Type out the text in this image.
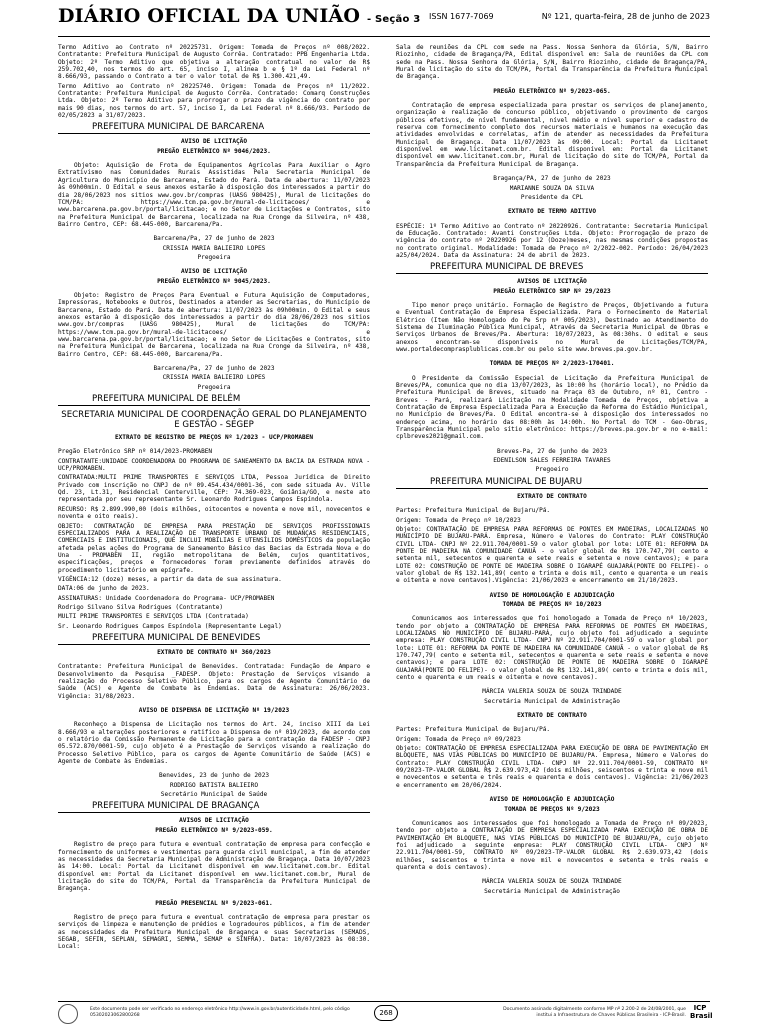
DIÁRIO OFICIAL DA UNIÃO - Seção 3 ISSN 1677-7069	Nº 121, quarta-feira, 28 de junho de 2023

Termo Aditivo ao Contrato nº 20225731. Origem: Tomada de Preços nº 008/2022. Contratante: Prefeitura Municipal de Augusto Corrêa. Contratado: PPB Engenharia Ltda. Objeto: 2º Termo Aditivo que objetiva a alteração contratual no valor de R$ 259.702,40, nos termos do art. 65, inciso I, alínea b e § 1º da Lei Federal nº 8.666/93, passando o Contrato a ter o valor total de R$ 1.300.421,49.

Termo Aditivo ao Contrato nº 20225740. Origem: Tomada de Preços nº 11/2022. Contratante: Prefeitura Municipal de Augusto Corrêa. Contratado: Comarq Construções Ltda. Objeto: 2º Termo Aditivo para prorrogar o prazo da vigência do contrato por mais 90 dias, nos termos do art. 57, inciso I, da Lei Federal nº 8.666/93. Período de 02/05/2023 a 31/07/2023.

PREFEITURA MUNICIPAL DE BARCARENA

AVISO DE LICITAÇÃO

PREGÃO ELETRÔNICO Nº 9046/2023.

Objeto: Aquisição de Frota de Equipamentos Agrícolas Para Auxiliar o Agro Extrativismo nas Comunidades Rurais Assistidas Pela Secretaria Municipal de Agricultura do Município de Barcarena, Estado do Pará. Data de abertura: 11/07/2023 às 09h00min. O Edital e seus anexos estarão à disposição dos interessados a partir do dia 28/06/2023 nos sitios www.gov.br/compras (UASG 980425), Mural de licitações do TCM/PA: https://www.tcm.pa.gov.br/mural-de-licitacoes/ e www.barcarena.pa.gov.br/portal/licitacao; e no Setor de Licitações e Contratos, sito na Prefeitura Municipal de Barcarena, localizada na Rua Cronge da Silveira, nº 438, Bairro Centro, CEP: 68.445-000, Barcarena/Pa.

Barcarena/Pa, 27 de junho de 2023

CRISSIA MARIA BALIEIRO LOPES

Pregoeira

AVISO DE LICITAÇÃO

PREGÃO ELETRÔNICO Nº 9045/2023.

Objeto: Registro de Preços Para Eventual e Futura Aquisição de Computadores, Impressoras, Notebooks e Outros, Destinados a atender as Secretarias, do Município de Barcarena, Estado do Pará. Data de abertura: 11/07/2023 às 09h00min. O Edital e seus anexos estarão à disposição dos interessados a partir do dia 28/06/2023 nos sitios www.gov.br/compras (UASG 980425), Mural de licitações do TCM/PA: https://www.tcm.pa.gov.br/mural-de-licitacoes/ e www.barcarena.pa.gov.br/portal/licitacao; e no Setor de Licitações e Contratos, sito na Prefeitura Municipal de Barcarena, localizada na Rua Cronge da Silveira, nº 438, Bairro Centro, CEP: 68.445-000, Barcarena/Pa.

Barcarena/Pa, 27 de junho de 2023

CRISSIA MARIA BALIEIRO LOPES

Pregoeira

PREFEITURA MUNICIPAL DE BELÉM
SECRETARIA MUNICIPAL DE COORDENAÇÃO GERAL DO PLANEJAMENTO E GESTÃO - SEGEP

EXTRATO DE REGISTRO DE PREÇOS Nº 1/2023 - UCP/PROMABEN

Pregão Eletrônico SRP nº 014/2023-PROMABEN

CONTRATANTE:UNIDADE COORDENADORA DO PROGRAMA DE SANEAMENTO DA BACIA DA ESTRADA NOVA - UCP/PROMABEN.

CONTRATADA:MULTI PRIME TRANSPORTES E SERVIÇOS LTDA, Pessoa Jurídica de Direito Privado com inscrição no CNPJ de nº 09.454.434/0001-36, com sede situada Av. Ville Qd. 23, Lt.31, Residencial Centerville, CEP: 74.369-023, Goiânia/GO, e neste ato representada por seu representante Sr. Leonardo Rodrigues Campos Espíndola.

RECURSO: R$ 2.899.990,00 (dois milhões, oitocentos e noventa e nove mil, novecentos e noventa e oito reais).

OBJETO: CONTRATAÇÃO DE EMPRESA PARA PRESTAÇÃO DE SERVIÇOS PROFISSIONAIS ESPECIALIZADOS PARA A REALIZAÇÃO DE TRANSPORTE URBANO DE MUDANÇAS RESIDENCIAIS, COMERCIAIS E INSTITUCIONAIS, QUE INCLUI MOBÍLIAS E UTENSÍLIOS DOMÉSTICOS da população afetada pelas ações do Programa de Saneamento Básico das Bacias da Estrada Nova e do Una - PROMABEN II, região metropolitana de Belém, cujos quantitativos, especificações, preços e fornecedores foram previamente definidos através do procedimento licitatório em epígrafe.

VIGÊNCIA:12 (doze) meses, a partir da data de sua assinatura.

DATA:06 de junho de 2023.

ASSINATURAS: Unidade Coordenadora do Programa- UCP/PROMABEN

Rodrigo Silvano Silva Rodrigues (Contratante)

MULTI PRIME TRANSPORTES E SERVIÇOS LTDA (Contratada)

Sr. Leonardo Rodrigues Campos Espíndola (Representante Legal)

PREFEITURA MUNICIPAL DE BENEVIDES

EXTRATO DE CONTRATO Nº 360/2023

Contratante: Prefeitura Municipal de Benevides. Contratada: Fundação de Amparo e Desenvolvimento da Pesquisa _FADESP. Objeto: Prestação de Serviços visando a realização do Processo Seletivo Público, para os cargos de Agente Comunitário de Saúde (ACS) e Agente de Combate às Endemias. Data de Assinatura: 26/06/2023. Vigência: 31/08/2023.

AVISO DE DISPENSA DE LICITAÇÃO Nº 19/2023

Reconheço a Dispensa de Licitação nos termos do Art. 24, inciso XIII da Lei 8.666/93 e alterações posteriores e ratifico a Dispensa de nº 019/2023, de acordo com o relatório da Comissão Permanente de Licitação para a contratação da FADESP - CNPJ 05.572.870/0001-59, cujo objeto é a Prestação de Serviços visando a realização do Processo Seletivo Público, para os cargos de Agente Comunitário de Saúde (ACS) e Agente de Combate às Endemias.

Benevides, 23 de junho de 2023

RODRIGO BATISTA BALIEIRO

Secretário Municipal de Saúde

PREFEITURA MUNICIPAL DE BRAGANÇA

AVISOS DE LICITAÇÃO

PREGÃO ELETRÔNICO Nº 9/2023-059.

Registro de preço para futura e eventual contratação de empresa para confecção e fornecimento de uniformes e vestimentas para guarda civil municipal, a fim de atender as necessidades da Secretaria Municipal de Administração de Bragança. Data 10/07/2023 às 14:00. Local: Portal da Licitanet disponível em www.licitanet.com.br. Edital disponível em: Portal da Licitanet disponível em www.licitanet.com.br, Mural de licitação do site do TCM/PA, Portal da Transparência da Prefeitura Municipal de Bragança.

PREGÃO PRESENCIAL Nº 9/2023-061.

Registro de preço para futura e eventual contratação de empresa para prestar os serviços de limpeza e manutenção de prédios e logradouros públicos, a fim de atender as necessidades da Prefeitura Municipal de Bragança e suas Secretarias (SEMADS, SEGAB, SEFIN, SEPLAN, SEMAGRI, SEMMA, SEMAP e SINFRA). Data: 10/07/2023 às 08:30. Local:

Sala de reuniões da CPL com sede na Pass. Nossa Senhora da Glória, S/N, Bairro Riozinho, cidade de Bragança/PA, Edital disponível em: Sala de reuniões da CPL com sede na Pass. Nossa Senhora da Glória, S/N, Bairro Riozinho, cidade de Bragança/PA, Mural de licitação do site do TCM/PA, Portal da Transparência da Prefeitura Municipal de Bragança.

PREGÃO ELETRÔNICO Nº 9/2023-065.

Contratação de empresa especializada para prestar os serviços de planejamento, organização e realização de concurso público, objetivando o provimento de cargos públicos efetivos, de nível fundamental, nível médio e nível superior e cadastro de reserva com fornecimento completo dos recursos materiais e humanos na execução das atividades envolvidas e correlatas, afim de atender as necessidades da Prefeitura Municipal de Bragança. Data 11/07/2023 às 09:00. Local: Portal da Licitanet disponível em www.licitanet.com.br. Edital disponível em: Portal da Licitanet disponível em www.licitanet.com.br, Mural de licitação do site do TCM/PA, Portal da Transparência da Prefeitura Municipal de Bragança.

Bragança/PA, 27 de junho de 2023

MARIANNE SOUZA DA SILVA

Presidente da CPL

EXTRATO DE TERMO ADITIVO

ESPÉCIE: 1º Termo Aditivo ao Contrato nº 20220926. Contratante: Secretaria Municipal de Educação. Contratado: Avanti Construções Ltda. Objeto: Prorrogação de prazo de vigência do contrato nº 20220926 por 12 (Doze)meses, nas mesmas condições propostas no contrato original. Modalidade: Tomada de Preço nº 2/2022-002. Período: 26/04/2023 a25/04/2024. Data da Assinatura: 24 de abril de 2023.

PREFEITURA MUNICIPAL DE BREVES

AVISOS DE LICITAÇÃO

PREGÃO ELETRÔNICO SRP Nº 29/2023

Tipo menor preço unitário. Formação de Registro de Preços, Objetivando a futura e Eventual Contratação de Empresa Especializada. Para o Fornecimento de Material Elétrico (Item Não Homologado do Pe Srp nº 005/2023), Destinado ao Atendimento do Sistema de Iluminação Pública Municipal, Através da Secretaria Municipal de Obras e Serviços Urbanos de Breves/Pa. Abertura: 10/07/2023, às 08:30hs. O edital e seus anexos encontram-se disponíveis no Mural de Licitações/TCM/PA, www.portaldecomprasplublicas.com.br ou pelo site www.breves.pa.gov.br.

TOMADA DE PREÇOS Nº 2/2023-170401.

O Presidente da Comissão Especial de Licitação da Prefeitura Municipal de Breves/PA, comunica que no dia 13/07/2023, às 10:00 hs (horário local), no Prédio da Prefeitura Municipal de Breves, situado na Praça 03 de Outubro, nº 01, Centro - Breves - Pará, realizará Licitação na Modalidade Tomada de Preços, objetiva a Contratação de Empresa Especializada Para a Execução da Reforma do Estádio Municipal, no Município de Breves/Pa. O Edital encontra-se à disposição dos interessados no endereço acima, no horário das 08:00h às 14:00h. No Portal do TCM - Geo-Obras, Transparência Municipal pelo sítio eletrônico: https://breves.pa.gov.br e no e-mail: cplbreves2021@gmail.com.

Breves-Pa, 27 de junho de 2023

EDENILSON SALES FERREIRA TAVARES

Pregoeiro

PREFEITURA MUNICIPAL DE BUJARU

EXTRATO DE CONTRATO

Partes: Prefeitura Municipal de Bujaru/Pá.

Origem: Tomada de Preço nº 10/2023

Objeto: CONTRATAÇÃO DE EMPRESA PARA REFORMAS DE PONTES EM MADEIRAS, LOCALIZADAS NO MUNICÍPIO DE BUJARU-PARÁ. Empresa, Número e Valores do Contrato: PLAY CONSTRUÇÃO CIVIL LTDA- CNPJ Nº 22.911.704/0001-59 o valor global por lote: LOTE 01: REFORMA DA PONTE DE MADEIRA NA COMUNIDADE CANUÃ - o valor global de R$ 170.747,79( cento e setenta mil, setecentos e quarenta e sete reais e setenta e nove centavos); e para LOTE 02: CONSTRUÇÃO DE PONTE DE MADEIRA SOBRE O IGARAPÉ GUAJARÁ(PONTE DO FELIPE)- o valor global de R$ 132.141,89( cento e trinta e dois mil, cento e quarenta e um reais e oitenta e nove centavos).Vigência: 21/06/2023 e encerramento em 21/10/2023.

AVISO DE HOMOLOGAÇÃO E ADJUDICAÇÃO

TOMADA DE PREÇOS Nº 10/2023

Comunicamos aos interessados que foi homologado a Tomada de Preço nº 10/2023, tendo por objeto a CONTRATAÇÃO DE EMPRESA PARA REFORMAS DE PONTES EM MADEIRAS, LOCALIZADAS NO MUNICÍPIO DE BUJARU-PARÁ, cujo objeto foi adjudicado a seguinte empresa: PLAY CONSTRUÇÃO CIVIL LTDA- CNPJ Nº 22.911.704/0001-59 o valor global por lote: LOTE 01: REFORMA DA PONTE DE MADEIRA NA COMUNIDADE CANUÃ - o valor global de R$ 170.747,79( cento e setenta mil, setecentos e quarenta e sete reais e setenta e nove centavos); e para LOTE 02: CONSTRUÇÃO DE PONTE DE MADEIRA SOBRE O IGARAPÉ GUAJARÁ(PONTE DO FELIPE)- o valor global de R$ 132.141,89( cento e trinta e dois mil, cento e quarenta e um reais e oitenta e nove centavos).

MÁRCIA VALERIA SOUZA DE SOUZA TRINDADE

Secretária Municipal de Administração

EXTRATO DE CONTRATO

Partes: Prefeitura Municipal de Bujaru/Pá.

Origem: Tomada de Preço nº 09/2023

Objeto: CONTRATAÇÃO DE EMPRESA ESPECIALIZADA PARA EXECUÇÃO DE OBRA DE PAVIMENTAÇÃO EM BLOQUETE, NAS VIAS PÚBLICAS DO MUNICÍPIO DE BUJARU/PA. Empresa, Número e Valores do Contrato: PLAY CONSTRUÇÃO CIVIL LTDA- CNPJ Nº 22.911.704/0001-59, CONTRATO Nº 09/2023-TP-VALOR GLOBAL R$ 2.639.973,42 (dois milhões, seiscentos e trinta e nove mil e novecentos e setenta e três reais e quarenta e dois centavos). Vigência: 21/06/2023 e encerramento em 20/06/2024.

AVISO DE HOMOLOGAÇÃO E ADJUDICAÇÃO

TOMADA DE PREÇOS Nº 9/2023

Comunicamos aos interessados que foi homologado a Tomada de Preço nº 09/2023, tendo por objeto a CONTRATAÇÃO DE EMPRESA ESPECIALIZADA PARA EXECUÇÃO DE OBRA DE PAVIMENTAÇÃO EM BLOQUETE, NAS VIAS PÚBLICAS DO MUNICÍPIO DE BUJARU/PA, cujo objeto foi adjudicado a seguinte empresa: PLAY CONSTRUÇÃO CIVIL LTDA- CNPJ Nº 22.911.704/0001-59, CONTRATO Nº 09/2023-TP-VALOR GLOBAL R$ 2.639.973,42 (dois milhões, seiscentos e trinta e nove mil e novecentos e setenta e três reais e quarenta e dois centavos).

MÁRCIA VALERIA SOUZA DE SOUZA TRINDADE

Secretária Municipal de Administração

Este documento pode ser verificado no endereço eletrônico http://www.in.gov.br/autenticidade.html, pelo código 05302023062800268	268	Documento assinado digitalmente conforme MP nº 2.200-2 de 24/08/2001, que institui a Infraestrutura de Chaves Públicas Brasileira - ICP-Brasil.
ICP
Brasil
